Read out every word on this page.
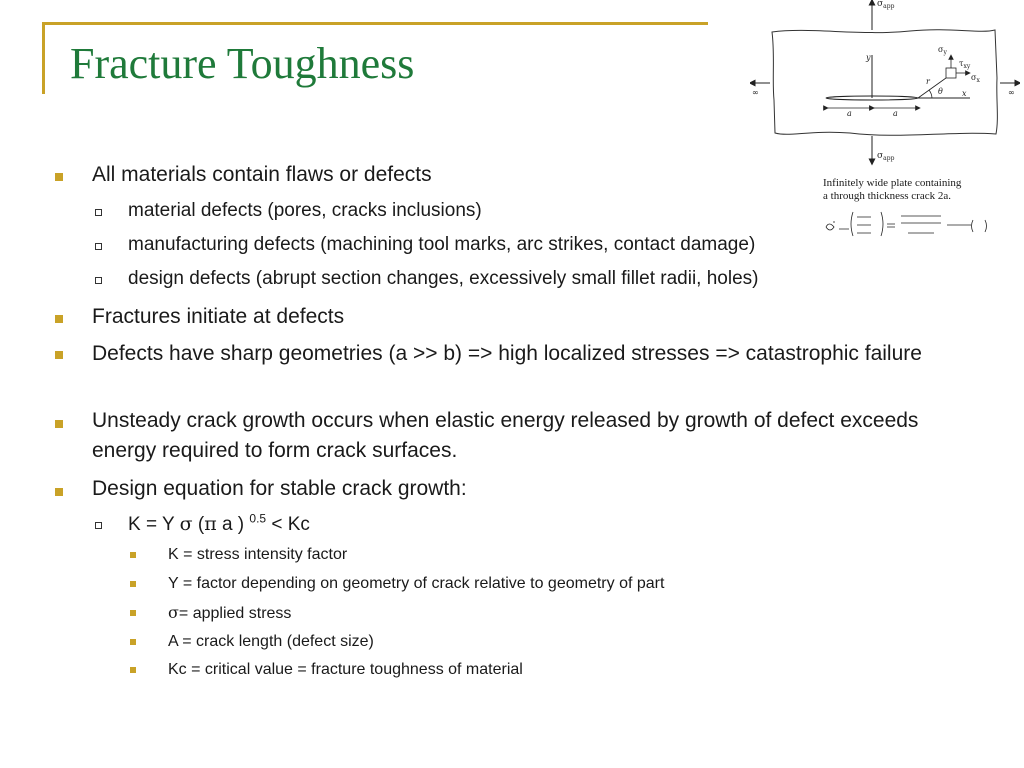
Fracture Toughness
All materials contain flaws or defects
material defects (pores, cracks inclusions)
manufacturing defects (machining tool marks, arc strikes, contact damage)
design defects (abrupt section changes, excessively small fillet radii, holes)
Fractures initiate at defects
Defects have sharp geometries (a >> b) => high localized stresses => catastrophic failure
Unsteady crack growth occurs when elastic energy released by growth of defect exceeds energy required to form crack surfaces.
Design equation for stable crack growth:
K = Y σ (π a ) $^{0.5}$ < Kc
K = stress intensity factor
Y = factor depending on geometry of crack relative to geometry of part
σ= applied stress
A = crack length (defect size)
Kc = critical value = fracture toughness of material
$\sigma_{app}$
$\sigma_{app}$
∞	∞
y
x
a	a
r
θ
$\sigma_y$
$\tau_{xy}$
$\sigma_x$
Infinitely wide plate containing
a through thickness crack 2a.
